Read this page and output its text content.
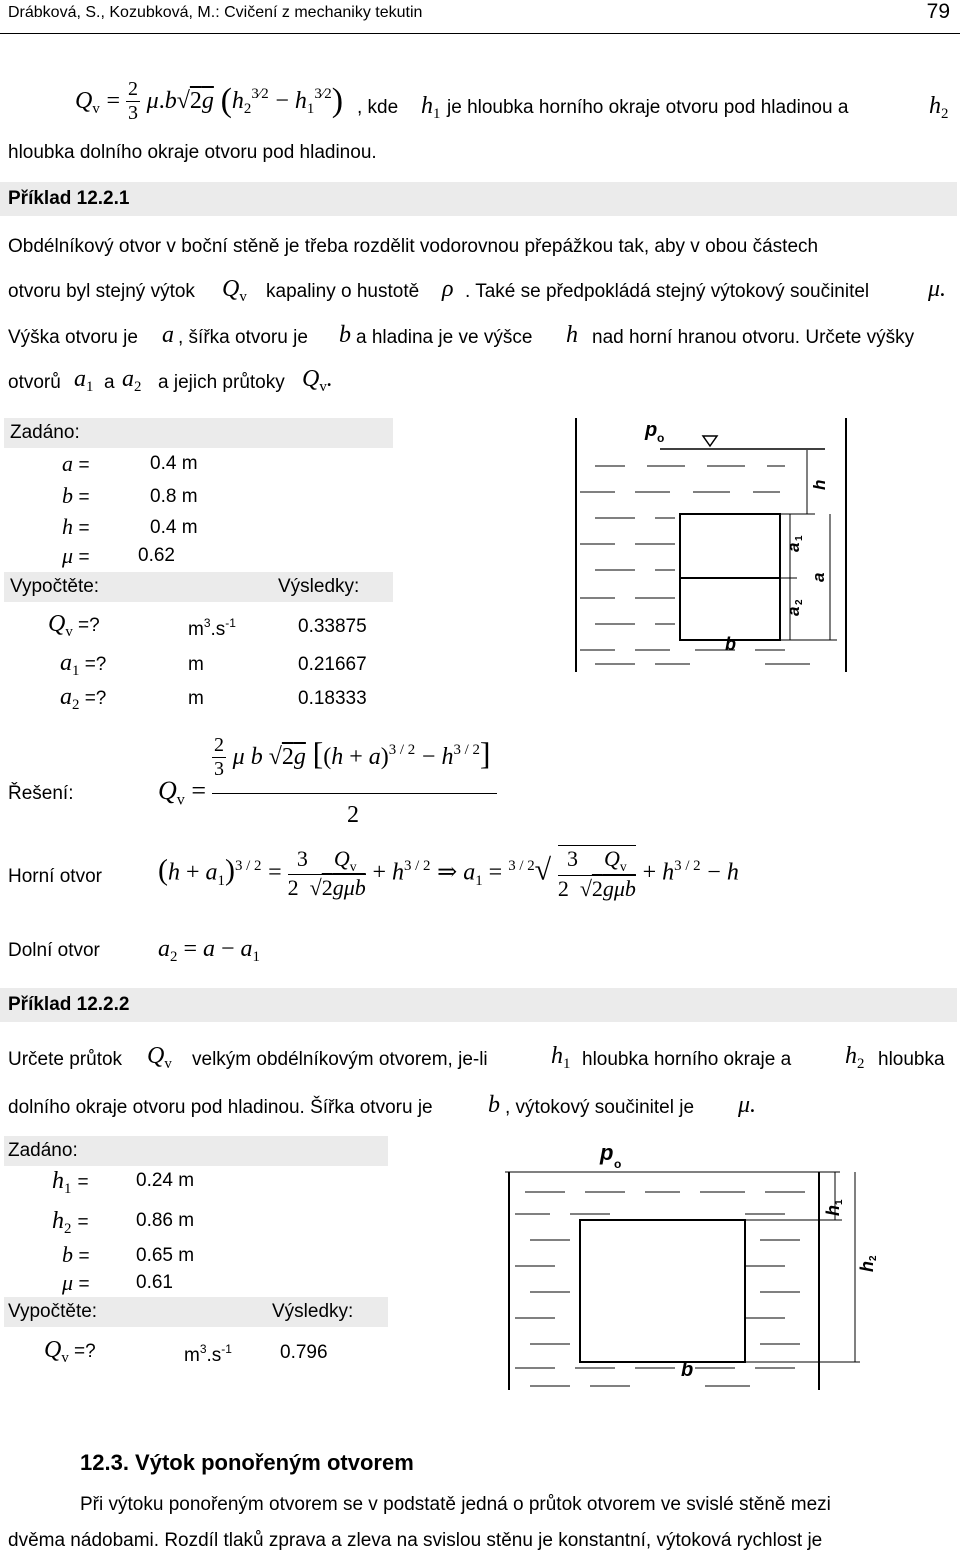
Drábková, S., Kozubková, M.: Cvičení z mechaniky tekutin	79
$Q_v = \frac{2}{3} \mu.b√2g$ $(h_2^{3⁄2} - h_1^{3⁄2})$ , kde $h_1$ je hloubka horního okraje otvoru pod hladinou a	$h_2$
hloubka dolního okraje otvoru pod hladinou.
Příklad 12.2.1
Obdélníkový otvor v boční stěně je třeba rozdělit vodorovnou přepážkou tak, aby v obou částech
otvoru byl stejný výtok $Q_v$ kapaliny o hustotě ρ . Také se předpokládá stejný výtokový součinitel μ.
Výška otvoru je a , šířka otvoru je b a hladina je ve výšce h nad horní hranou otvoru. Určete výšky
otvorů $a_1$ a $a_2$ a jejich průtoky $Q_v$.
Zadáno:
a =	0.4 m
b =	0.8 m
h =	0.4 m
μ =	0.62
Vypočtěte:	Výsledky:
$Q_v$ =?	$m^3.s^{-1}$	0.33875
$a_1$ =?	m	0.21667
$a_2$ =?	m	0.18333
p o
h
a
a
1
a
2
b
Řešení:	$Q_v$ =
$\frac{2}{3}$ μ b √2g $[(h + a)^{3 / 2} - h^{3 / 2}]$
2
Horní otvor $(h + a_1)^{3 / 2} = \frac{3 Q_v}{\text{2  √2gμb}} + h^{3 / 2}$ ⇒ $a_1 = ^{3 / 2}√ \frac{3 Q_v}{\text{2  √2gμb}} + h^{3 / 2} - h$
Dolní otvor $a_2 = a - a_1$
Příklad 12.2.2
Určete průtok $Q_v$ velkým obdélníkovým otvorem, je-li	$h_1$ hloubka horního okraje a $h_2$ hloubka
dolního okraje otvoru pod hladinou. Šířka otvoru je b , výtokový součinitel je μ.
Zadáno:
$h_1 = 0.24$ m
$h_2 = 0.86$ m
b = 0.65 m
μ = 0.61
Vypočtěte:	Výsledky:
$Q_v$ =?	$m^3.s^{-1}$	0.796
p o
h
1
h
2
b
12.3. Výtok ponořeným otvorem
Při výtoku ponořeným otvorem se v podstatě jedná o průtok otvorem ve svislé stěně mezi
dvěma nádobami. Rozdíl tlaků zprava a zleva na svislou stěnu je konstantní, výtoková rychlost je
